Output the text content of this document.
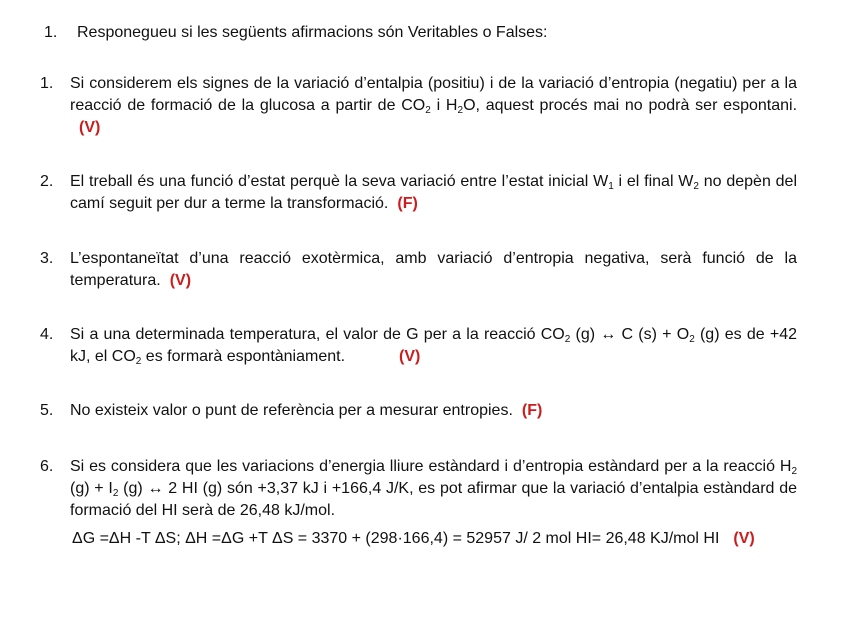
1. Responegueu si les següents afirmacions són Veritables o Falses:
1. Si considerem els signes de la variació d’entalpia (positiu) i de la variació d’entropia (negatiu) per a la reacció de formació de la glucosa a partir de $CO_2$ i $H_2O$, aquest procés mai no podrà ser espontani.(V)
2. El treball és una funció d’estat perquè la seva variació entre l’estat inicial $W_1$ i el final $W_2$ no depèn del camí seguit per dur a terme la transformació. (F)
3. L’espontaneïtat d’una reacció exotèrmica, amb variació d’entropia negativa, serà funció de la temperatura. (V)
4. Si a una determinada temperatura, el valor de G per a la reacció $CO_2$ (g) ↔ C $(s) + O_2$ (g) es de +42 kJ, el $CO_2$ es formarà espontàniament.	(V)
5. No existeix valor o punt de referència per a mesurar entropies. (F)
6. Si es considera que les variacions d’energia lliure estàndard i d’entropia estàndard per a la reacció $H_2$ $(g) + I_2$ (g) ↔ 2 HI (g) són +3,37 kJ i +166,4 J/K, es pot afirmar que la variació d’entalpia estàndard de formació del HI serà de 26,48 kJ/mol.
ΔG =ΔH -T ΔS; ΔH =ΔG +T ΔS = 3370 + (298·166,4) = 52957 J/ 2 mol HI= 26,48 KJ/mol HI (V)
